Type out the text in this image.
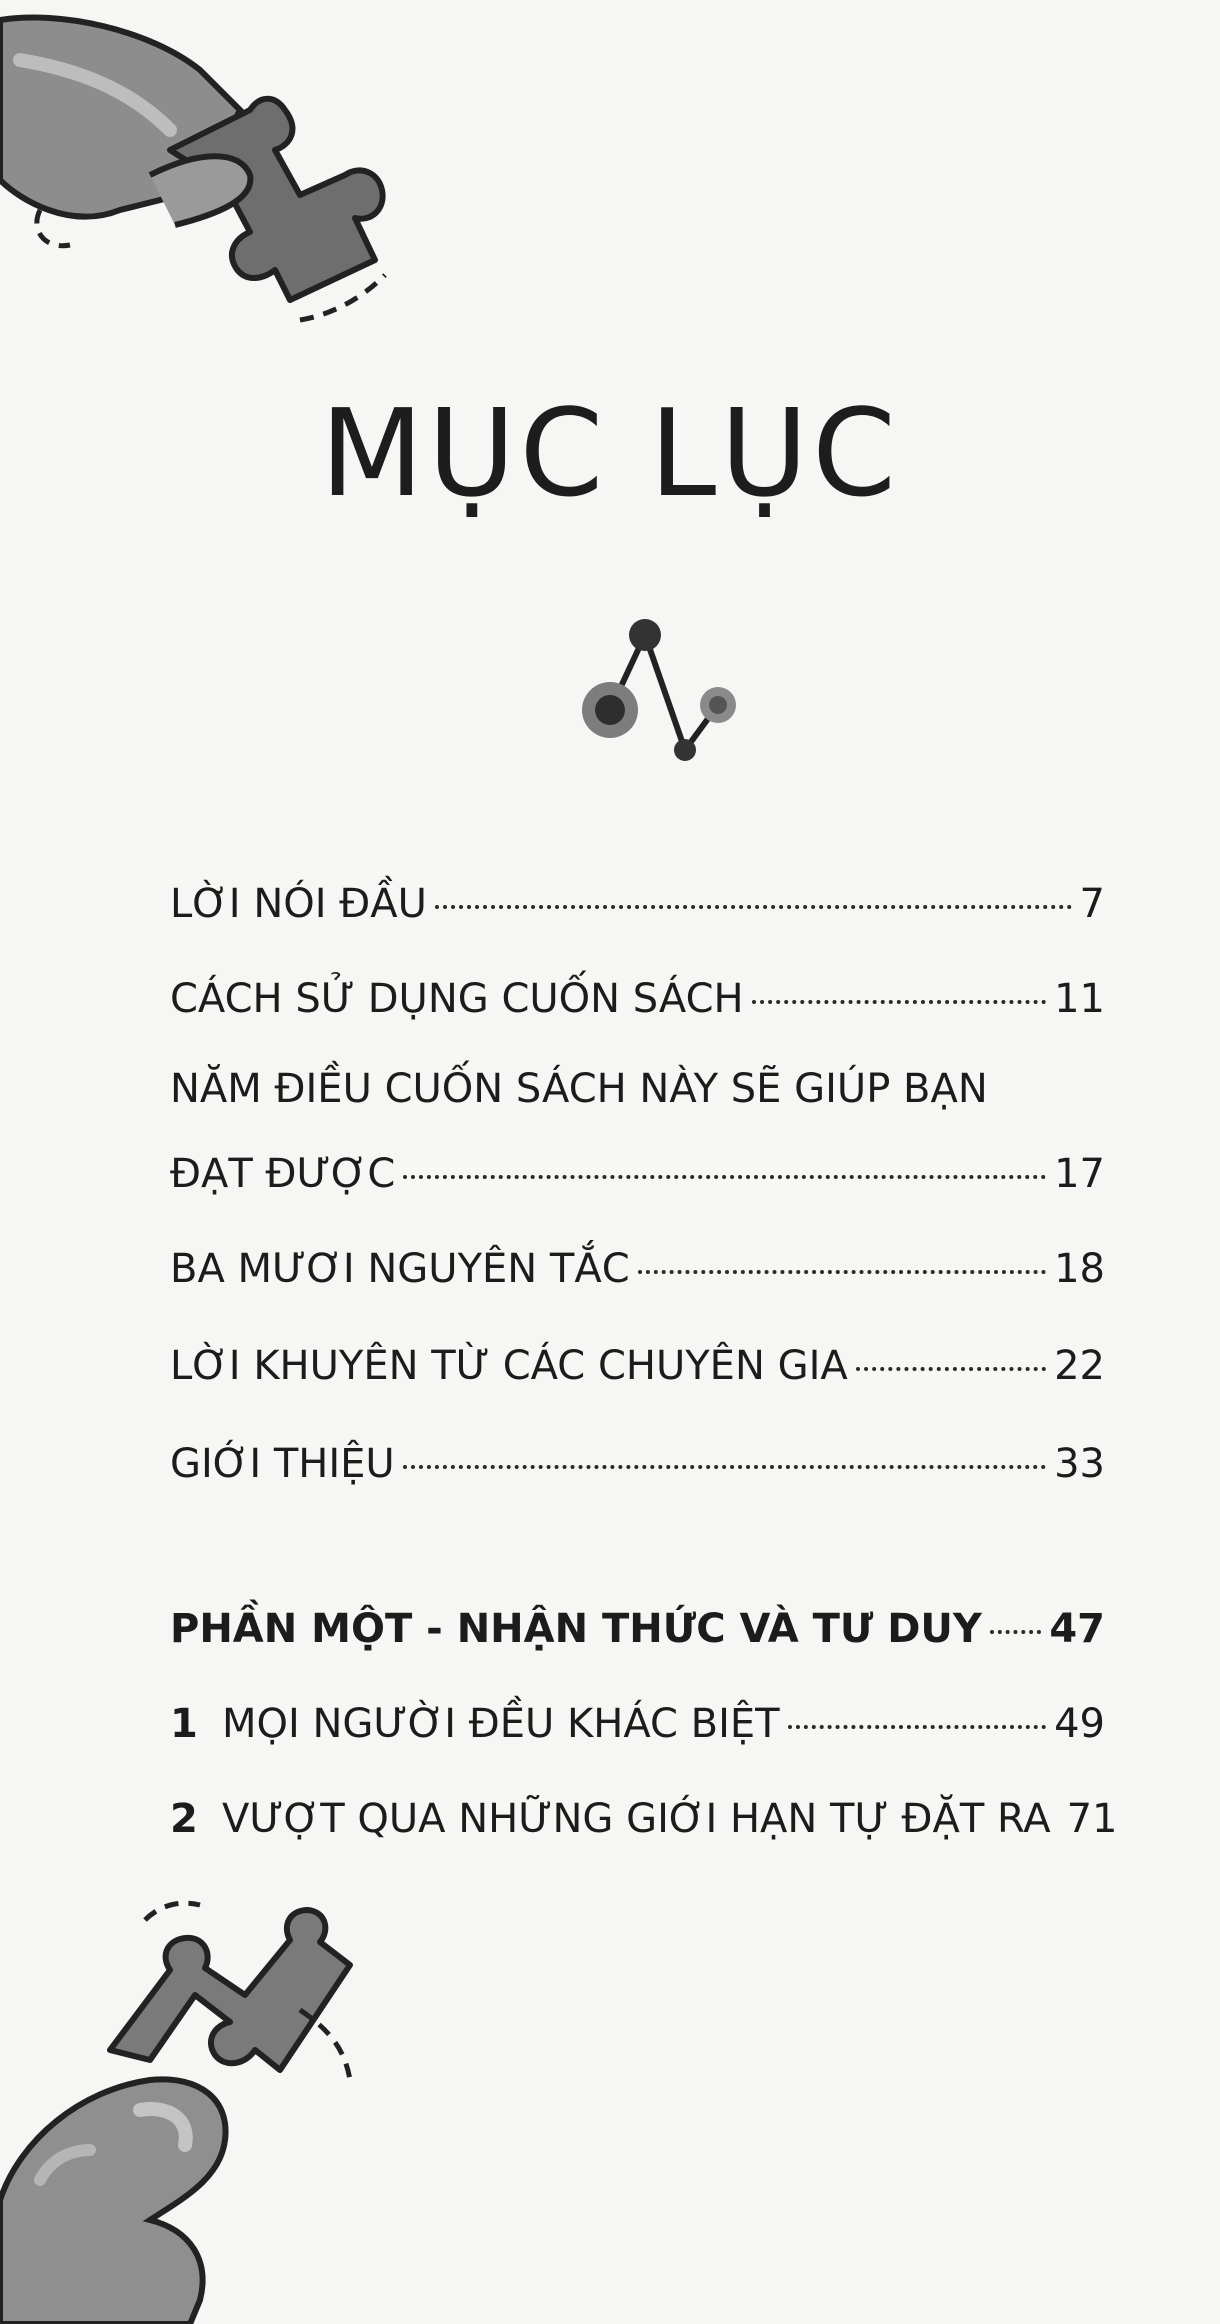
MỤC LỤC
LỜI NÓI ĐẦU	7
CÁCH SỬ DỤNG CUỐN SÁCH	11
NĂM ĐIỀU CUỐN SÁCH NÀY SẼ GIÚP BẠN
ĐẠT ĐƯỢC	17
BA MƯƠI NGUYÊN TẮC	18
LỜI KHUYÊN TỪ CÁC CHUYÊN GIA	22
GIỚI THIỆU	33
PHẦN MỘT - NHẬN THỨC VÀ TƯ DUY 47
1 MỌI NGƯỜI ĐỀU KHÁC BIỆT	49
2 VƯỢT QUA NHỮNG GIỚI HẠN TỰ ĐẶT RA 71
